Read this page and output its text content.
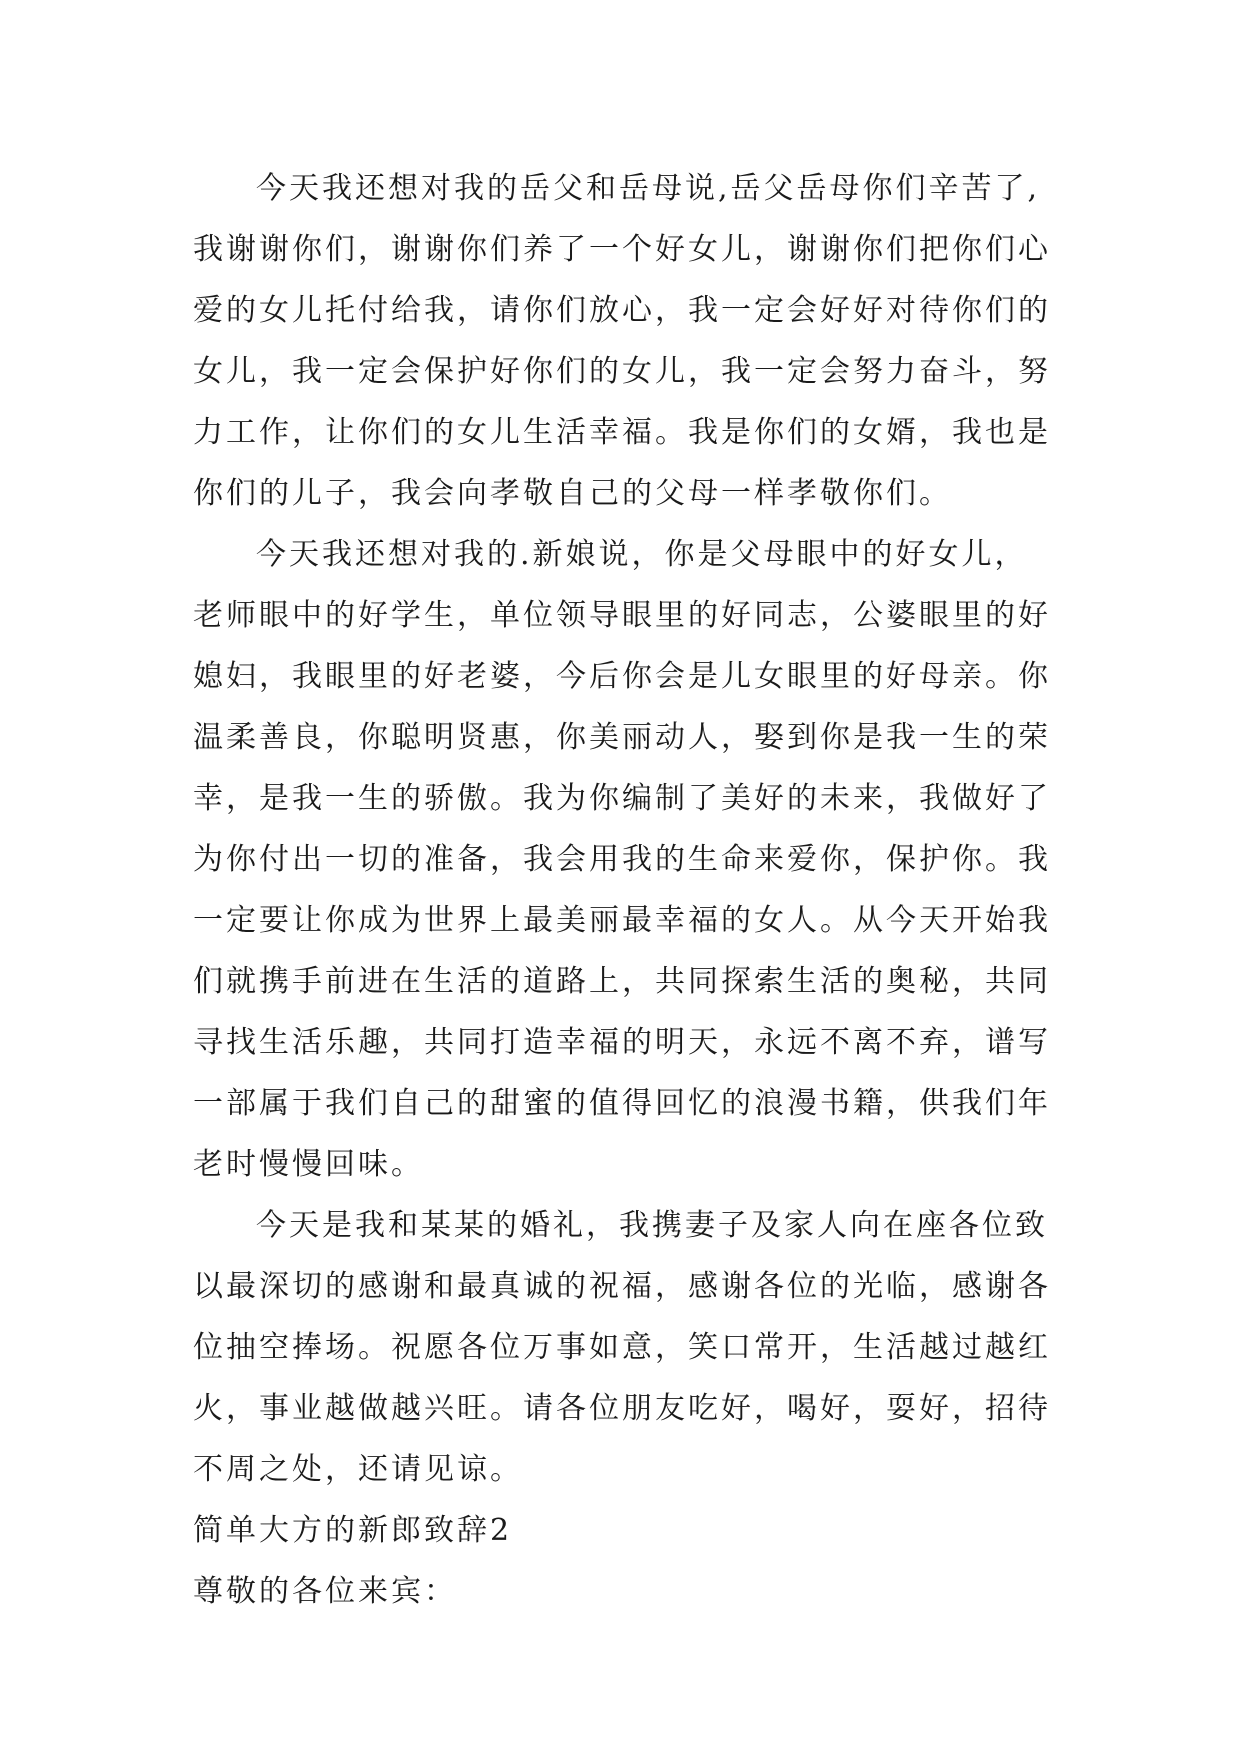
今天我还想对我的岳父和岳母说,岳父岳母你们辛苦了,
我谢谢你们，谢谢你们养了一个好女儿，谢谢你们把你们心
爱的女儿托付给我，请你们放心，我一定会好好对待你们的
女儿，我一定会保护好你们的女儿，我一定会努力奋斗，努
力工作，让你们的女儿生活幸福。我是你们的女婿，我也是
你们的儿子，我会向孝敬自己的父母一样孝敬你们。
今天我还想对我的.新娘说，你是父母眼中的好女儿，
老师眼中的好学生，单位领导眼里的好同志，公婆眼里的好
媳妇，我眼里的好老婆，今后你会是儿女眼里的好母亲。你
温柔善良，你聪明贤惠，你美丽动人，娶到你是我一生的荣
幸，是我一生的骄傲。我为你编制了美好的未来，我做好了
为你付出一切的准备，我会用我的生命来爱你，保护你。我
一定要让你成为世界上最美丽最幸福的女人。从今天开始我
们就携手前进在生活的道路上，共同探索生活的奥秘，共同
寻找生活乐趣，共同打造幸福的明天，永远不离不弃，谱写
一部属于我们自己的甜蜜的值得回忆的浪漫书籍，供我们年
老时慢慢回味。
今天是我和某某的婚礼，我携妻子及家人向在座各位致
以最深切的感谢和最真诚的祝福，感谢各位的光临，感谢各
位抽空捧场。祝愿各位万事如意，笑口常开，生活越过越红
火，事业越做越兴旺。请各位朋友吃好，喝好，耍好，招待
不周之处，还请见谅。
简单大方的新郎致辞2
尊敬的各位来宾：
